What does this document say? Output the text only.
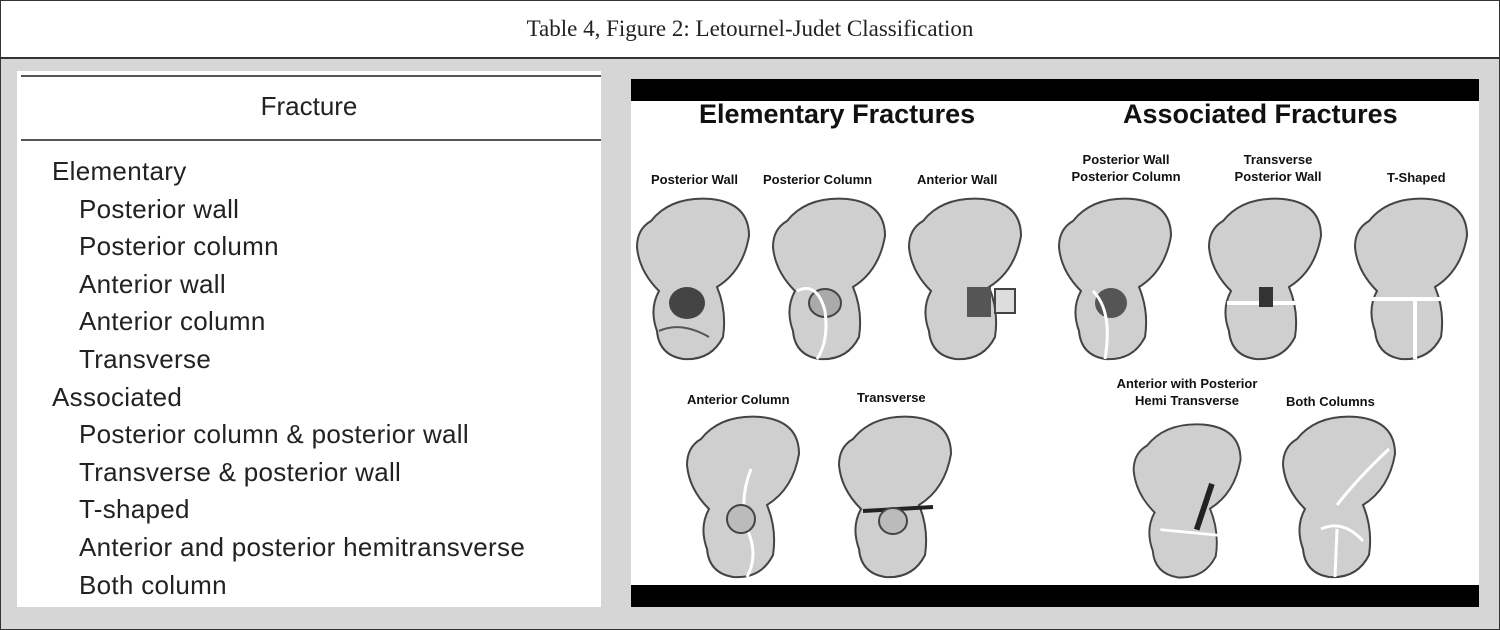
Table 4, Figure 2: Letournel-Judet Classification
Fracture
Elementary
Posterior wall
Posterior column
Anterior wall
Anterior column
Transverse
Associated
Posterior column & posterior wall
Transverse & posterior wall
T-shaped
Anterior and posterior hemitransverse
Both column
Elementary Fractures	Associated Fractures
Posterior Wall Posterior Column	Anterior Wall
Posterior Wall
Posterior Column
Transverse
Posterior Wall	T-Shaped
Anterior Column	Transverse
Anterior with Posterior
Hemi Transverse	Both Columns
